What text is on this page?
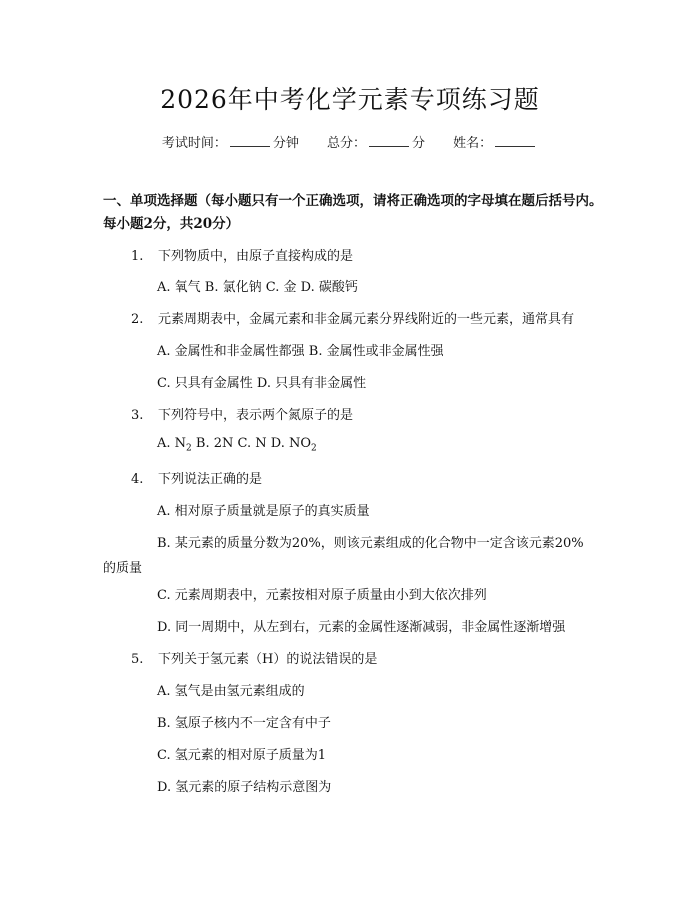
2026年中考化学元素专项练习题
考试时间：	分钟 总分：	分 姓名：
一、单项选择题（每小题只有一个正确选项，请将正确选项的字母填在题后括号内。每小题2分，共20分）
1. 下列物质中，由原子直接构成的是
A. 氧气 B. 氯化钠 C. 金 D. 碳酸钙
2. 元素周期表中，金属元素和非金属元素分界线附近的一些元素，通常具有
A. 金属性和非金属性都强 B. 金属性或非金属性强
C. 只具有金属性 D. 只具有非金属性
3. 下列符号中，表示两个氮原子的是
A. $N_2$ B. 2N C. N D. $NO_2$
4. 下列说法正确的是
A. 相对原子质量就是原子的真实质量
B. 某元素的质量分数为20%，则该元素组成的化合物中一定含该元素20%
的质量
C. 元素周期表中，元素按相对原子质量由小到大依次排列
D. 同一周期中，从左到右，元素的金属性逐渐减弱，非金属性逐渐增强
5. 下列关于氢元素（H）的说法错误的是
A. 氢气是由氢元素组成的
B. 氢原子核内不一定含有中子
C. 氢元素的相对原子质量为1
D. 氢元素的原子结构示意图为
